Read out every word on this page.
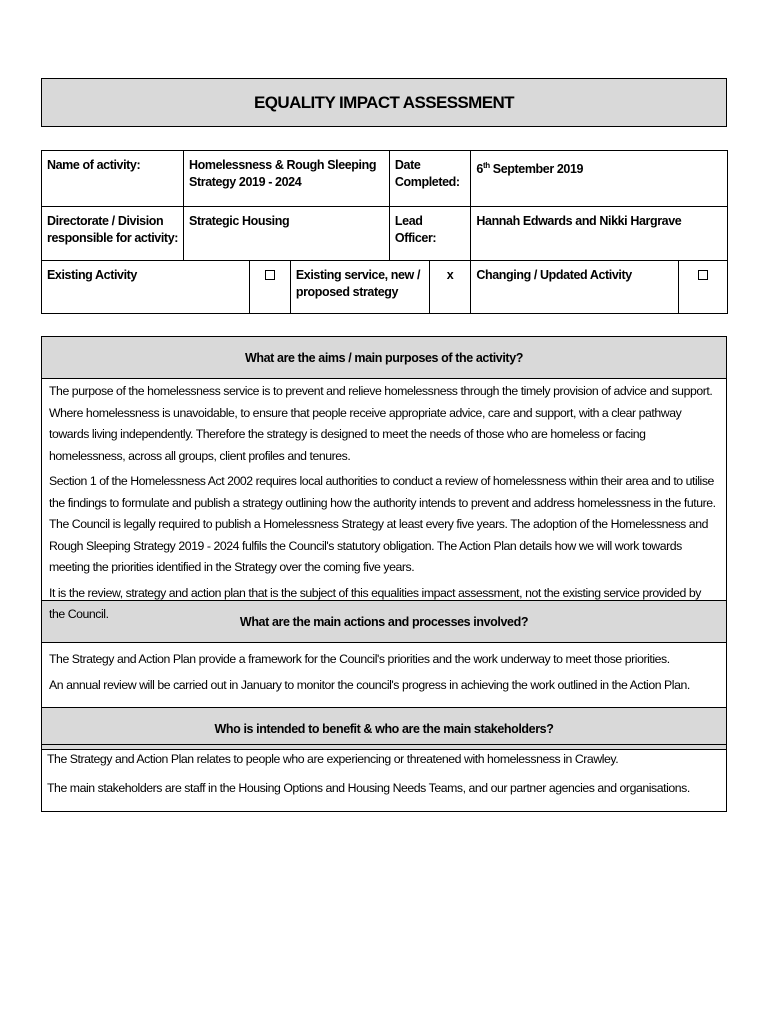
EQUALITY IMPACT ASSESSMENT
Name of activity:	Homelessness & Rough Sleeping Strategy 2019 - 2024			Date Completed:		6th September 2019	
Directorate / Division responsible for activity:	Strategic Housing			Lead Officer:		Hannah Edwards and Nikki Hargrave	
Existing Activity			Existing service, new / proposed strategy		x	Changing / Updated Activity	
What are the aims / main purposes of the activity?

The purpose of the homelessness service is to prevent and relieve homelessness through the timely provision of advice and support. Where homelessness is unavoidable, to ensure that people receive appropriate advice, care and support, with a clear pathway towards living independently. Therefore the strategy is designed to meet the needs of those who are homeless or facing homelessness, across all groups, client profiles and tenures.

Section 1 of the Homelessness Act 2002 requires local authorities to conduct a review of homelessness within their area and to utilise the findings to formulate and publish a strategy outlining how the authority intends to prevent and address homelessness in the future. The Council is legally required to publish a Homelessness Strategy at least every five years. The adoption of the Homelessness and Rough Sleeping Strategy 2019 - 2024 fulfils the Council's statutory obligation. The Action Plan details how we will work towards meeting the priorities identified in the Strategy over the coming five years.

It is the review, strategy and action plan that is the subject of this equalities impact assessment, not the existing service provided by the Council.

What are the main actions and processes involved?

The Strategy and Action Plan provide a framework for the Council's priorities and the work underway to meet those priorities.

An annual review will be carried out in January to monitor the council's progress in achieving the work outlined in the Action Plan.

Who is intended to benefit & who are the main stakeholders?

The Strategy and Action Plan relates to people who are experiencing or threatened with homelessness in Crawley.

The main stakeholders are staff in the Housing Options and Housing Needs Teams, and our partner agencies and organisations.
